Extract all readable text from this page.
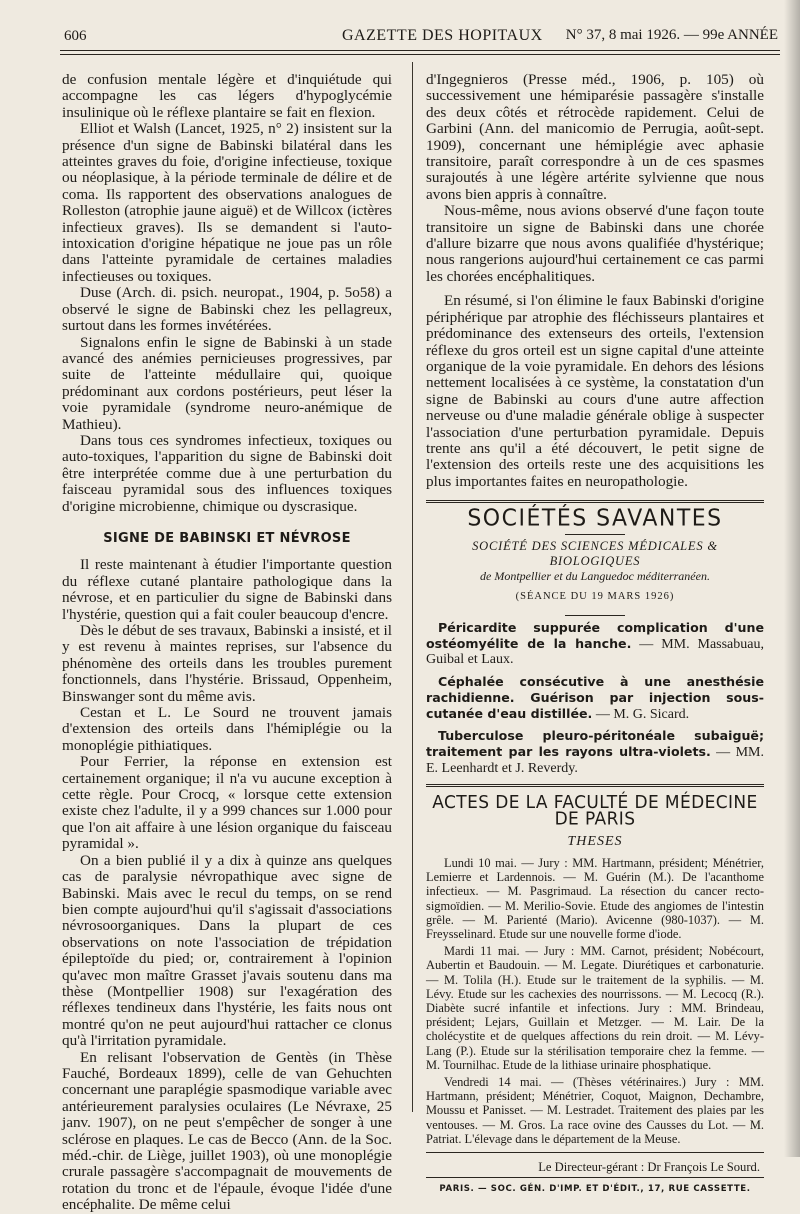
606	GAZETTE DES HOPITAUX N° 37, 8 mai 1926. — 99e ANNÉE

de confusion mentale légère et d'inquiétude qui accompagne les cas légers d'hypoglycémie insulinique où le réflexe plantaire se fait en flexion.

Elliot et Walsh (Lancet, 1925, n° 2) insistent sur la présence d'un signe de Babinski bilatéral dans les atteintes graves du foie, d'origine infectieuse, toxique ou néoplasique, à la période terminale de délire et de coma. Ils rapportent des observations analogues de Rolleston (atrophie jaune aiguë) et de Willcox (ictères infectieux graves). Ils se demandent si l'auto-intoxication d'origine hépatique ne joue pas un rôle dans l'atteinte pyramidale de certaines maladies infectieuses ou toxiques.

Duse (Arch. di. psich. neuropat., 1904, p. 5o58) a observé le signe de Babinski chez les pellagreux, surtout dans les formes invétérées.

Signalons enfin le signe de Babinski à un stade avancé des anémies pernicieuses progressives, par suite de l'atteinte médullaire qui, quoique prédominant aux cordons postérieurs, peut léser la voie pyramidale (syndrome neuro-anémique de Mathieu).

Dans tous ces syndromes infectieux, toxiques ou auto-toxiques, l'apparition du signe de Babinski doit être interprétée comme due à une perturbation du faisceau pyramidal sous des influences toxiques d'origine microbienne, chimique ou dyscrasique.

SIGNE DE BABINSKI ET NÉVROSE

Il reste maintenant à étudier l'importante question du réflexe cutané plantaire pathologique dans la névrose, et en particulier du signe de Babinski dans l'hystérie, question qui a fait couler beaucoup d'encre.

Dès le début de ses travaux, Babinski a insisté, et il y est revenu à maintes reprises, sur l'absence du phénomène des orteils dans les troubles purement fonctionnels, dans l'hystérie. Brissaud, Oppenheim, Binswanger sont du même avis.

Cestan et L. Le Sourd ne trouvent jamais d'extension des orteils dans l'hémiplégie ou la monoplégie pithiatiques.

Pour Ferrier, la réponse en extension est certainement organique; il n'a vu aucune exception à cette règle. Pour Crocq, « lorsque cette extension existe chez l'adulte, il y a 999 chances sur 1.000 pour que l'on ait affaire à une lésion organique du faisceau pyramidal ».

On a bien publié il y a dix à quinze ans quelques cas de paralysie névropathique avec signe de Babinski. Mais avec le recul du temps, on se rend bien compte aujourd'hui qu'il s'agissait d'associations névrosoorganiques. Dans la plupart de ces observations on note l'association de trépidation épileptoïde du pied; or, contrairement à l'opinion qu'avec mon maître Grasset j'avais soutenu dans ma thèse (Montpellier 1908) sur l'exagération des réflexes tendineux dans l'hystérie, les faits nous ont montré qu'on ne peut aujourd'hui rattacher ce clonus qu'à l'irritation pyramidale.

En relisant l'observation de Gentès (in Thèse Fauché, Bordeaux 1899), celle de van Gehuchten concernant une paraplégie spasmodique variable avec antérieurement paralysies oculaires (Le Névraxe, 25 janv. 1907), on ne peut s'empêcher de songer à une sclérose en plaques. Le cas de Becco (Ann. de la Soc. méd.-chir. de Liège, juillet 1903), où une monoplégie crurale passagère s'accompagnait de mouvements de rotation du tronc et de l'épaule, évoque l'idée d'une encéphalite. De même celui

d'Ingegnieros (Presse méd., 1906, p. 105) où successivement une hémiparésie passagère s'installe des deux côtés et rétrocède rapidement. Celui de Garbini (Ann. del manicomio de Perrugia, août-sept. 1909), concernant une hémiplégie avec aphasie transitoire, paraît correspondre à un de ces spasmes surajoutés à une légère artérite sylvienne que nous avons bien appris à connaître.

Nous-même, nous avions observé d'une façon toute transitoire un signe de Babinski dans une chorée d'allure bizarre que nous avons qualifiée d'hystérique; nous rangerions aujourd'hui certainement ce cas parmi les chorées encéphalitiques.

En résumé, si l'on élimine le faux Babinski d'origine périphérique par atrophie des fléchisseurs plantaires et prédominance des extenseurs des orteils, l'extension réflexe du gros orteil est un signe capital d'une atteinte organique de la voie pyramidale. En dehors des lésions nettement localisées à ce système, la constatation d'un signe de Babinski au cours d'une autre affection nerveuse ou d'une maladie générale oblige à suspecter l'association d'une perturbation pyramidale. Depuis trente ans qu'il a été découvert, le petit signe de l'extension des orteils reste une des acquisitions les plus importantes faites en neuropathologie.

SOCIÉTÉS SAVANTES
SOCIÉTÉ DES SCIENCES MÉDICALES & BIOLOGIQUES
de Montpellier et du Languedoc méditerranéen.
(SÉANCE DU 19 MARS 1926)

Péricardite suppurée complication d'une ostéomyélite de la hanche. — MM. Massabuau, Guibal et Laux.

Céphalée consécutive à une anesthésie rachidienne. Guérison par injection sous-cutanée d'eau distillée. — M. G. Sicard.

Tuberculose pleuro-péritonéale subaiguë; traitement par les rayons ultra-violets. — MM. E. Leenhardt et J. Reverdy.

ACTES DE LA FACULTÉ DE MÉDECINE DE PARIS
THESES

Lundi 10 mai. — Jury : MM. Hartmann, président; Ménétrier, Lemierre et Lardennois. — M. Guérin (M.). De l'acanthome infectieux. — M. Pasgrimaud. La résection du cancer recto-sigmoïdien. — M. Merilio-Sovie. Etude des angiomes de l'intestin grêle. — M. Parienté (Mario). Avicenne (980-1037). — M. Freysselinard. Etude sur une nouvelle forme d'iode.

Mardi 11 mai. — Jury : MM. Carnot, président; Nobécourt, Aubertin et Baudouin. — M. Legate. Diurétiques et carbonaturie. — M. Tolila (H.). Etude sur le traitement de la syphilis. — M. Lévy. Etude sur les cachexies des nourrissons. — M. Lecocq (R.). Diabète sucré infantile et infections. Jury : MM. Brindeau, président; Lejars, Guillain et Metzger. — M. Lair. De la cholécystite et de quelques affections du rein droit. — M. Lévy-Lang (P.). Etude sur la stérilisation temporaire chez la femme. — M. Tournilhac. Etude de la lithiase urinaire phosphatique.

Vendredi 14 mai. — (Thèses vétérinaires.) Jury : MM. Hartmann, président; Ménétrier, Coquot, Maignon, Dechambre, Moussu et Panisset. — M. Lestradet. Traitement des plaies par les ventouses. — M. Gros. La race ovine des Causses du Lot. — M. Patriat. L'élevage dans le département de la Meuse.

Le Directeur-gérant : Dr François Le Sourd.
PARIS. — SOC. GÉN. D'IMP. ET D'ÉDIT., 17, RUE CASSETTE.
